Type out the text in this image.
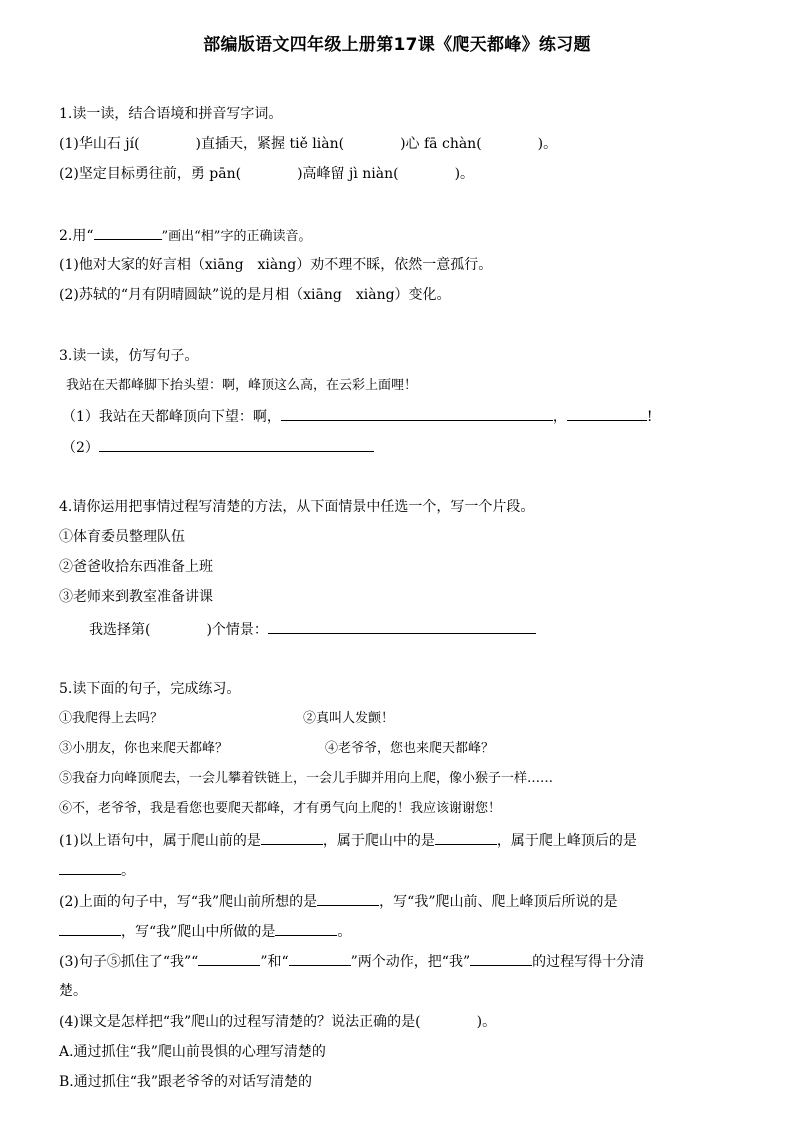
部编版语文四年级上册第17课《爬天都峰》练习题
1.读一读，结合语境和拼音写字词。
(1)华山石 jí(　　　　)直插天，紧握 tiě liàn(　　　　)心 fā chàn(　　　　)。
(2)坚定目标勇往前，勇 pān(　　　　)高峰留 jì niàn(　　　　)。
2.用“	”画出“相”字的正确读音。
(1)他对大家的好言相（xiāng　xiàng）劝不理不睬，依然一意孤行。
(2)苏轼的“月有阴晴圆缺”说的是月相（xiāng　xiàng）变化。
3.读一读，仿写句子。
我站在天都峰脚下抬头望：啊，峰顶这么高，在云彩上面哩！
（1）我站在天都峰顶向下望：啊，	，	!
（2）
4.请你运用把事情过程写清楚的方法，从下面情景中任选一个，写一个片段。
①体育委员整理队伍
②爸爸收拾东西准备上班
③老师来到教室准备讲课
我选择第(　　　　)个情景：
5.读下面的句子，完成练习。
①我爬得上去吗？	②真叫人发颤！
③小朋友，你也来爬天都峰？	④老爷爷，您也来爬天都峰？
⑤我奋力向峰顶爬去，一会儿攀着铁链上，一会儿手脚并用向上爬，像小猴子一样……
⑥不，老爷爷，我是看您也要爬天都峰，才有勇气向上爬的！我应该谢谢您！
(1)以上语句中，属于爬山前的是	，属于爬山中的是	，属于爬上峰顶后的是
。
(2)上面的句子中，写“我”爬山前所想的是	，写“我”爬山前、爬上峰顶后所说的是
，写“我”爬山中所做的是	。
(3)句子⑤抓住了“我”“	”和“	”两个动作，把“我”	的过程写得十分清
楚。
(4)课文是怎样把“我”爬山的过程写清楚的？说法正确的是(　　　　)。
A.通过抓住“我”爬山前畏惧的心理写清楚的
B.通过抓住“我”跟老爷爷的对话写清楚的
